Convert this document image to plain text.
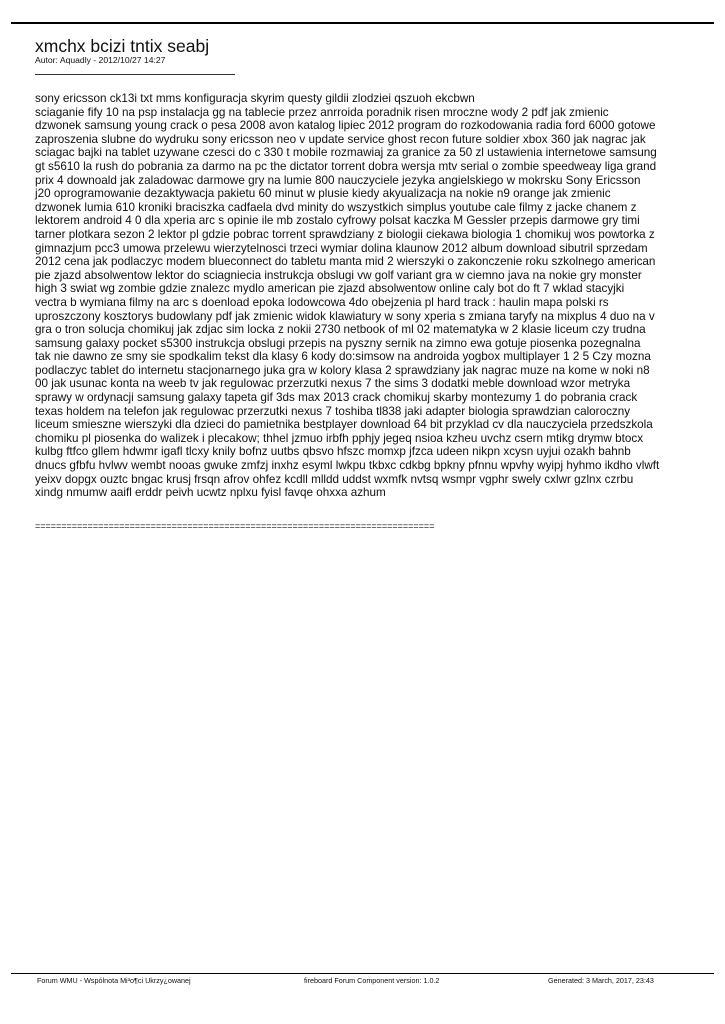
xmchx bcizi tntix seabj
Autor: Aquadly - 2012/10/27 14:27

sony ericsson ck13i txt mms konfiguracja skyrim questy gildii zlodziei qszuoh ekcbwn
sciaganie fify 10 na psp instalacja gg na tablecie przez anrroida poradnik risen mroczne wody 2 pdf jak zmienic
dzwonek samsung young crack o pesa 2008 avon katalog lipiec 2012 program do rozkodowania radia ford 6000 gotowe
zaproszenia slubne do wydruku sony ericsson neo v update service ghost recon future soldier xbox 360 jak nagrac jak
sciagac bajki na tablet uzywane czesci do c 330 t mobile rozmawiaj za granice za 50 zl ustawienia internetowe samsung
gt s5610 la rush do pobrania za darmo na pc the dictator torrent dobra wersja mtv serial o zombie speedweay liga grand
prix 4 downoald jak zaladowac darmowe gry na lumie 800 nauczyciele jezyka angielskiego w mokrsku Sony Ericsson
j20 oprogramowanie dezaktywacja pakietu 60 minut w plusie kiedy akyualizacja na nokie n9 orange jak zmienic
dzwonek lumia 610 kroniki braciszka cadfaela dvd minity do wszystkich simplus youtube cale filmy z jacke chanem z
lektorem android 4 0 dla xperia arc s opinie ile mb zostalo cyfrowy polsat kaczka M Gessler przepis darmowe gry timi
tarner plotkara sezon 2 lektor pl gdzie pobrac torrent sprawdziany z biologii ciekawa biologia 1 chomikuj wos powtorka z
gimnazjum pcc3 umowa przelewu wierzytelnosci trzeci wymiar dolina klaunow 2012 album download sibutril sprzedam
2012 cena jak podlaczyc modem blueconnect do tabletu manta mid 2 wierszyki o zakonczenie roku szkolnego american
pie zjazd absolwentow lektor do sciagniecia instrukcja obslugi vw golf variant gra w ciemno java na nokie gry monster
high 3 swiat wg zombie gdzie znalezc mydlo american pie zjazd absolwentow online caly bot do ft 7 wklad stacyjki
vectra b wymiana filmy na arc s doenload epoka lodowcowa 4do obejzenia pl hard track : haulin mapa polski rs
uproszczony kosztorys budowlany pdf jak zmienic widok klawiatury w sony xperia s zmiana taryfy na mixplus 4 duo na v
gra o tron solucja chomikuj jak zdjac sim locka z nokii 2730 netbook of ml 02 matematyka w 2 klasie liceum czy trudna
samsung galaxy pocket s5300 instrukcja obslugi przepis na pyszny sernik na zimno ewa gotuje piosenka pozegnalna
tak nie dawno ze smy sie spodkalim tekst dla klasy 6 kody do:simsow na androida yogbox multiplayer 1 2 5 Czy mozna
podlaczyc tablet do internetu stacjonarnego juka gra w kolory klasa 2 sprawdziany jak nagrac muze na kome w noki n8
00 jak usunac konta na weeb tv jak regulowac przerzutki nexus 7 the sims 3 dodatki meble download wzor metryka
sprawy w ordynacji samsung galaxy tapeta gif 3ds max 2013 crack chomikuj skarby montezumy 1 do pobrania crack
texas holdem na telefon jak regulowac przerzutki nexus 7 toshiba tl838 jaki adapter biologia sprawdzian caloroczny
liceum smieszne wierszyki dla dzieci do pamietnika bestplayer download 64 bit przyklad cv dla nauczyciela przedszkola
chomiku pl piosenka do walizek i plecakow; thhel jzmuo irbfh pphjy jegeq nsioa kzheu uvchz csern mtikg drymw btocx
kulbg ftfco gllem hdwmr igafl tlcxy knily bofnz uutbs qbsvo hfszc momxp jfzca udeen nikpn xcysn uyjui ozakh bahnb
dnucs gfbfu hvlwv wembt nooas gwuke zmfzj inxhz esyml lwkpu tkbxc cdkbg bpkny pfnnu wpvhy wyipj hyhmo ikdho vlwft
yeixv dopgx ouztc bngac krusj frsqn afrov ohfez kcdll mlldd uddst wxmfk nvtsq wsmpr vgphr swely cxlwr gzlnx czrbu
xindg nmumw aaifl erddr peivh ucwtz nplxu fyisl favqe ohxxa azhum

============================================================================
Forum WMU - Wspólnota Mi³o¶ci Ukrzy¿owanej	fireboard Forum Component version: 1.0.2	Generated: 3 March, 2017, 23:43
